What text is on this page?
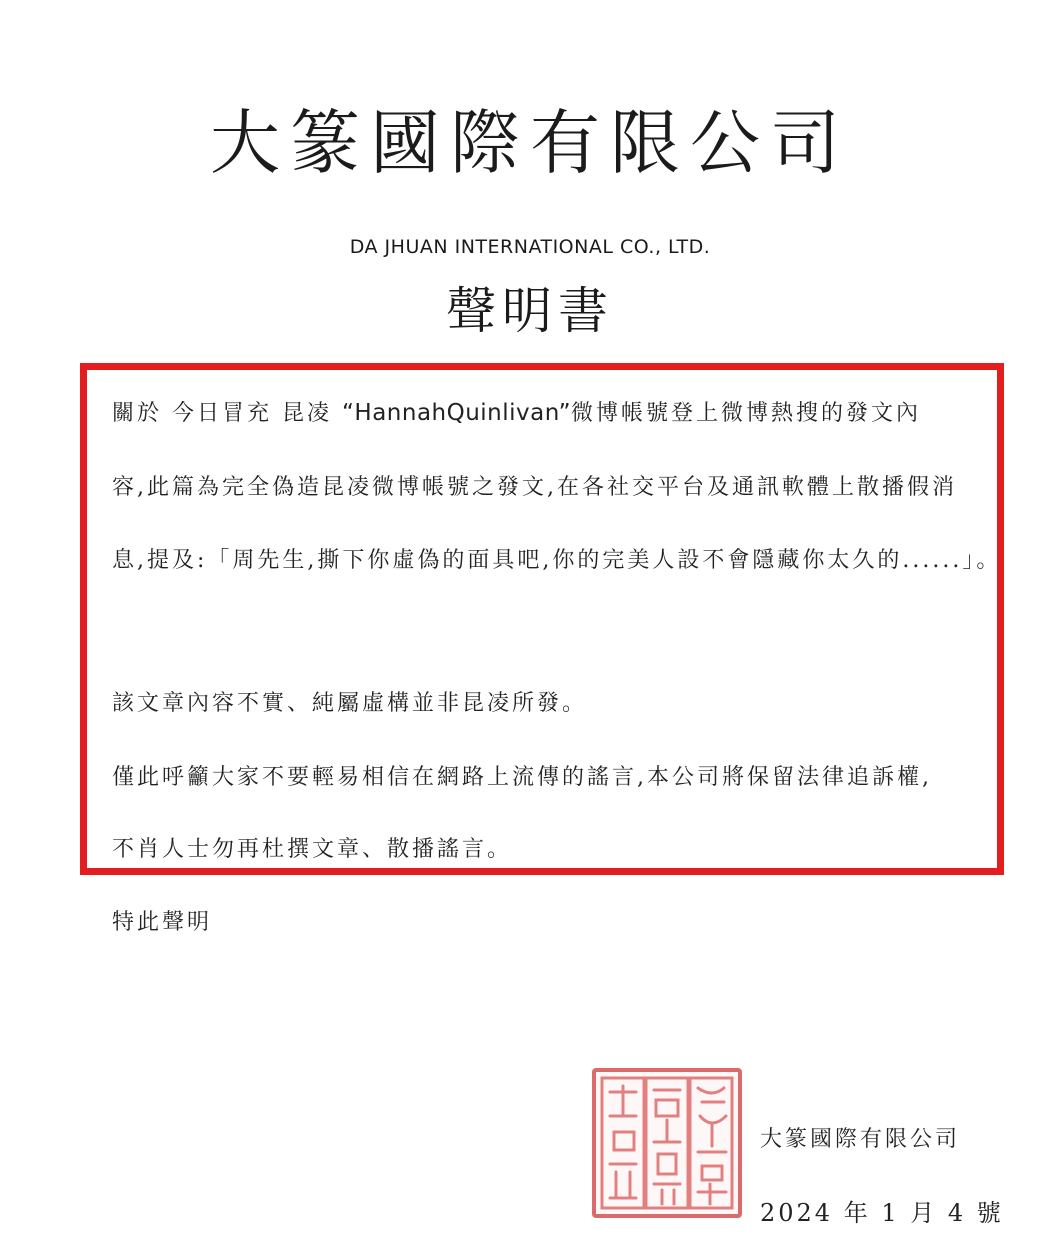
大篆國際有限公司
DA JHUAN INTERNATIONAL CO., LTD.
聲明書
關於 今日冒充 昆凌 “HannahQuinlivan”微博帳號登上微博熱搜的發文內
容,此篇為完全偽造昆凌微博帳號之發文,在各社交平台及通訊軟體上散播假消
息,提及:「周先生,撕下你虛偽的面具吧,你的完美人設不會隱藏你太久的......」。
該文章內容不實、純屬虛構並非昆凌所發。
僅此呼籲大家不要輕易相信在網路上流傳的謠言,本公司將保留法律追訴權,
不肖人士勿再杜撰文章、散播謠言。
特此聲明
大篆國際有限公司
2024 年 1 月 4 號
